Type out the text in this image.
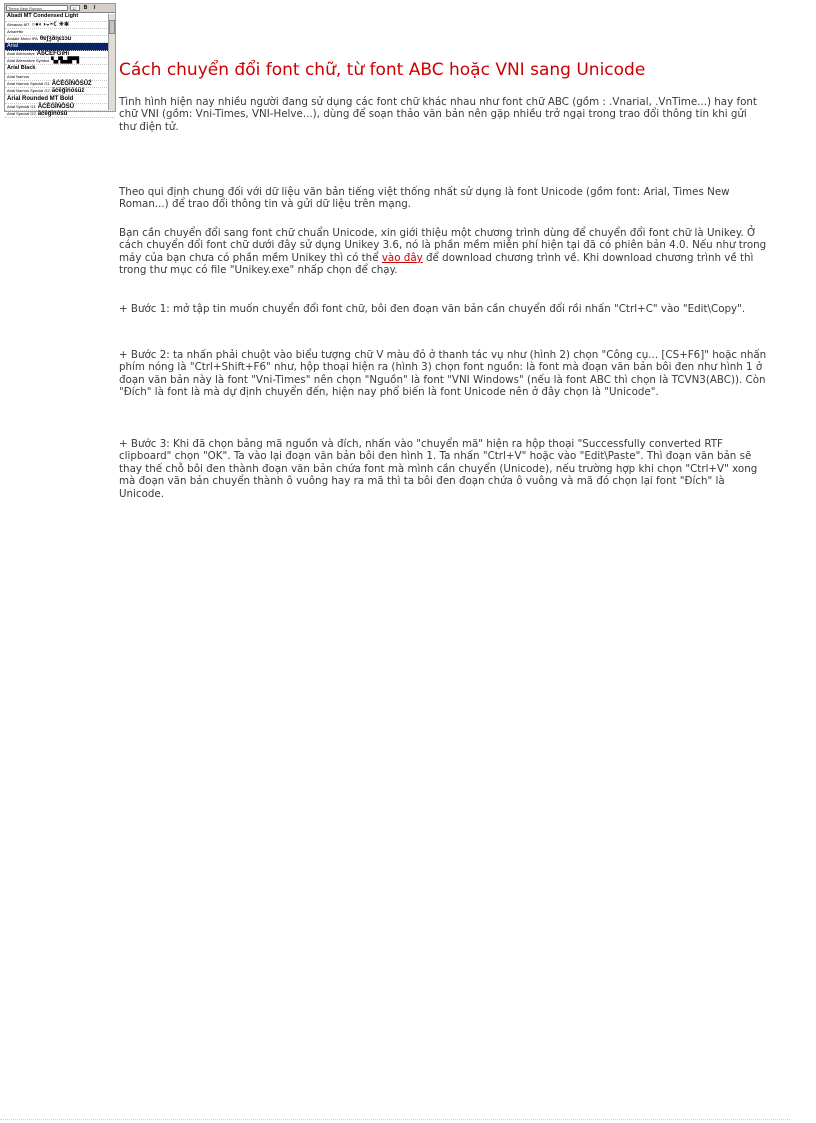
Times New Roman	12	B	I
Abadi MT Condensed Light
Almanac MT ○●◐◑◒◓☾☀❄
Amaretto
Andale Mono IPA θɐʃʒðŋɛɪɔʊ
Arial
Arial Alternative AbCEFGiHi
Arial Alternative Symbol ▚▞▙▟▛▜
Arial Black
Arial Narrow
Arial Narrow Special G1 ĀĆĒĞĪŃŌŚŪŹ
Arial Narrow Special G2 āćēğīńōśūź
Arial Rounded MT Bold
Arial Special G1 ĀĆĒĞĪŃŌŚŪ
Arial Special G2 āćēğīńōśū
Cách chuyển đổi font chữ, từ font ABC hoặc VNI sang Unicode

Tình hình hiện nay nhiều người đang sử dụng các font chữ khác nhau như font chữ ABC (gồm : .Vnarial, .VnTime...) hay font chữ VNI (gồm: Vni-Times, VNI-Helve...), dùng để soạn thảo văn bản nên gặp nhiều trở ngại trong trao đổi thông tin khi gửi thư điện tử.

Theo qui định chung đối với dữ liệu văn bản tiếng việt thống nhất sử dụng là font Unicode (gồm font: Arial, Times New Roman...) để trao đổi thông tin và gửi dữ liệu trên mạng.

Bạn cần chuyển đổi sang font chữ chuẩn Unicode, xin giới thiệu một chương trình dùng để chuyển đổi font chữ là Unikey. Ở cách chuyển đổi font chữ dưới đây sử dụng Unikey 3.6, nó là phần mềm miễn phí hiện tại đã có phiên bản 4.0. Nếu như trong máy của bạn chưa có phần mềm Unikey thì có thể vào đây để download chương trình về. Khi download chương trình về thì trong thư mục có file "Unikey.exe" nhấp chọn để chạy.

+ Bước 1: mở tập tin muốn chuyển đổi font chữ, bôi đen đoạn văn bản cần chuyển đổi rồi nhấn "Ctrl+C" vào "Edit\Copy".

+ Bước 2: ta nhấn phải chuột vào biểu tượng chữ V màu đỏ ở thanh tác vụ như (hình 2) chọn "Công cụ... [CS+F6]" hoặc nhấn phím nóng là "Ctrl+Shift+F6" như, hộp thoại hiện ra (hình 3) chọn font nguồn: là font mà đoạn văn bản bôi đen như hình 1 ở đoạn văn bản này là font "Vni-Times" nên chọn "Nguồn" là font "VNI Windows" (nếu là font ABC thì chọn là TCVN3(ABC)). Còn "Đích" là font là mà dự định chuyển đến, hiện nay phổ biến là font Unicode nên ở đây chọn là "Unicode".

+ Bước 3: Khi đã chọn bảng mã nguồn và đích, nhấn vào "chuyển mã" hiện ra hộp thoại "Successfully converted RTF clipboard" chọn "OK". Ta vào lại đoạn văn bản bôi đen hình 1. Ta nhấn "Ctrl+V" hoặc vào "Edit\Paste". Thì đoạn văn bản sẽ thay thế chỗ bôi đen thành đoạn văn bản chứa font mà mình cần chuyển (Unicode), nếu trường hợp khi chọn "Ctrl+V" xong mà đoạn văn bản chuyển thành ô vuông hay ra mã thì ta bôi đen đoạn chứa ô vuông và mã đó chọn lại font "Đích" là Unicode.
